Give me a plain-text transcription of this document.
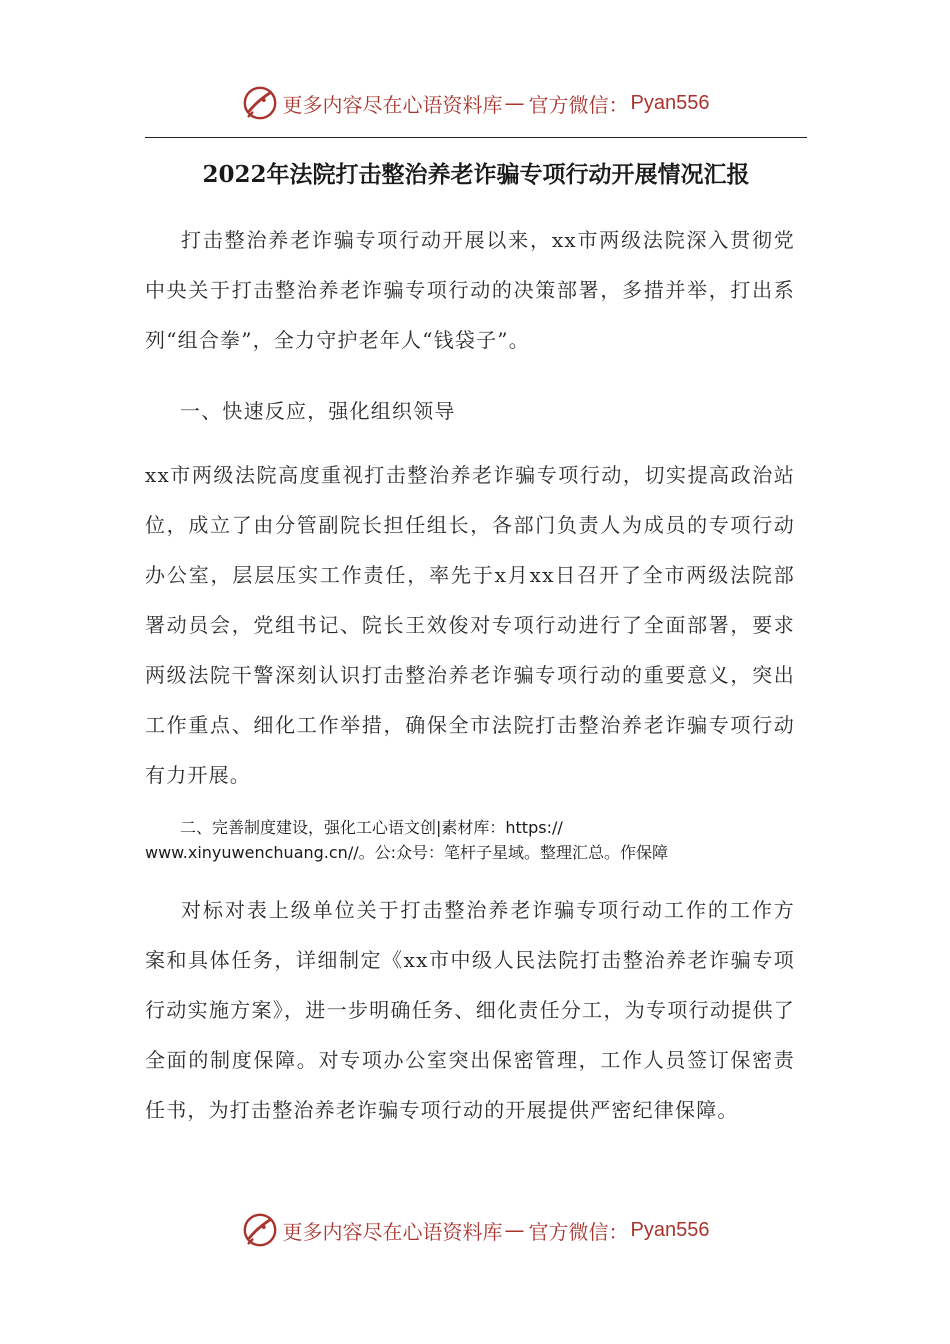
更多内容尽在心语资料库 — 官方微信： Pyan556
2022年法院打击整治养老诈骗专项行动开展情况汇报

打击整治养老诈骗专项行动开展以来，xx市两级法院深入贯彻党中央关于打击整治养老诈骗专项行动的决策部署，多措并举，打出系列“组合拳”，全力守护老年人“钱袋子”。

一、快速反应，强化组织领导

xx市两级法院高度重视打击整治养老诈骗专项行动，切实提高政治站位，成立了由分管副院长担任组长，各部门负责人为成员的专项行动办公室，层层压实工作责任，率先于x月xx日召开了全市两级法院部署动员会，党组书记、院长王效俊对专项行动进行了全面部署，要求两级法院干警深刻认识打击整治养老诈骗专项行动的重要意义，突出工作重点、细化工作举措，确保全市法院打击整治养老诈骗专项行动有力开展。

二、完善制度建设，强化工心语文创|素材库：https://
www.xinyuwenchuang.cn//。公:众号：笔杆子星域。整理汇总。作保障

对标对表上级单位关于打击整治养老诈骗专项行动工作的工作方案和具体任务，详细制定《xx市中级人民法院打击整治养老诈骗专项行动实施方案》，进一步明确任务、细化责任分工，为专项行动提供了全面的制度保障。对专项办公室突出保密管理，工作人员签订保密责任书，为打击整治养老诈骗专项行动的开展提供严密纪律保障。

更多内容尽在心语资料库 — 官方微信： Pyan556
